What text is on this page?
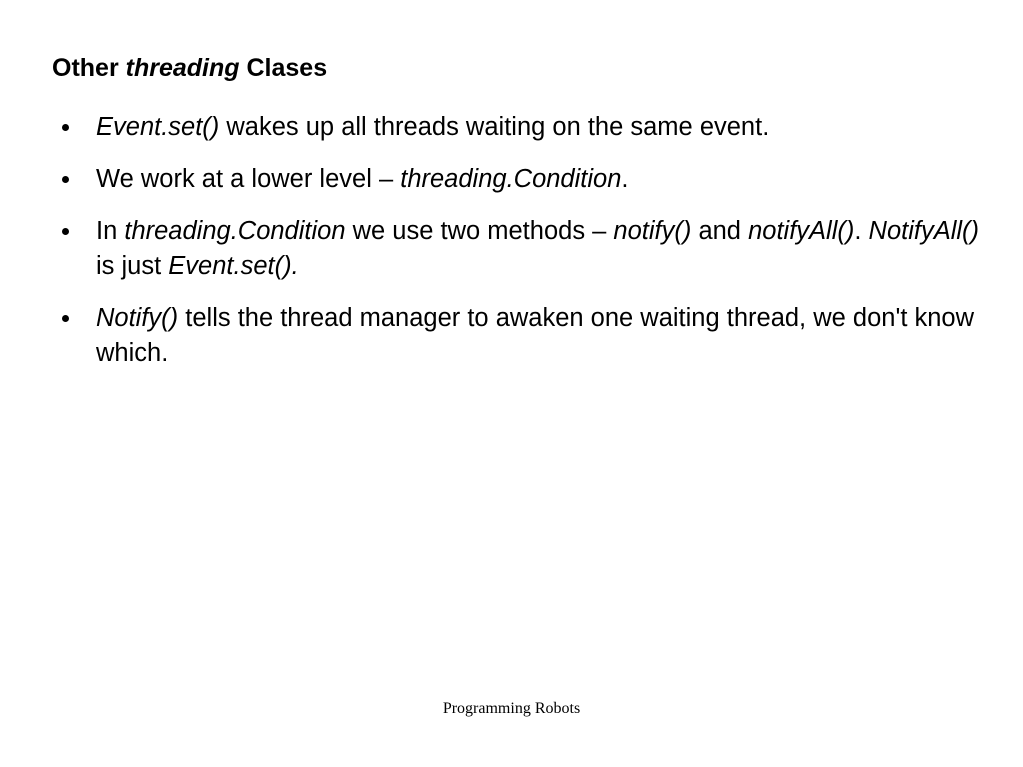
Other threading Clases
Event.set() wakes up all threads waiting on the same event.
We work at a lower level – threading.Condition.
In threading.Condition we use two methods – notify() and notifyAll(). NotifyAll() is just Event.set().
Notify() tells the thread manager to awaken one waiting thread, we don't know which.
Programming Robots
